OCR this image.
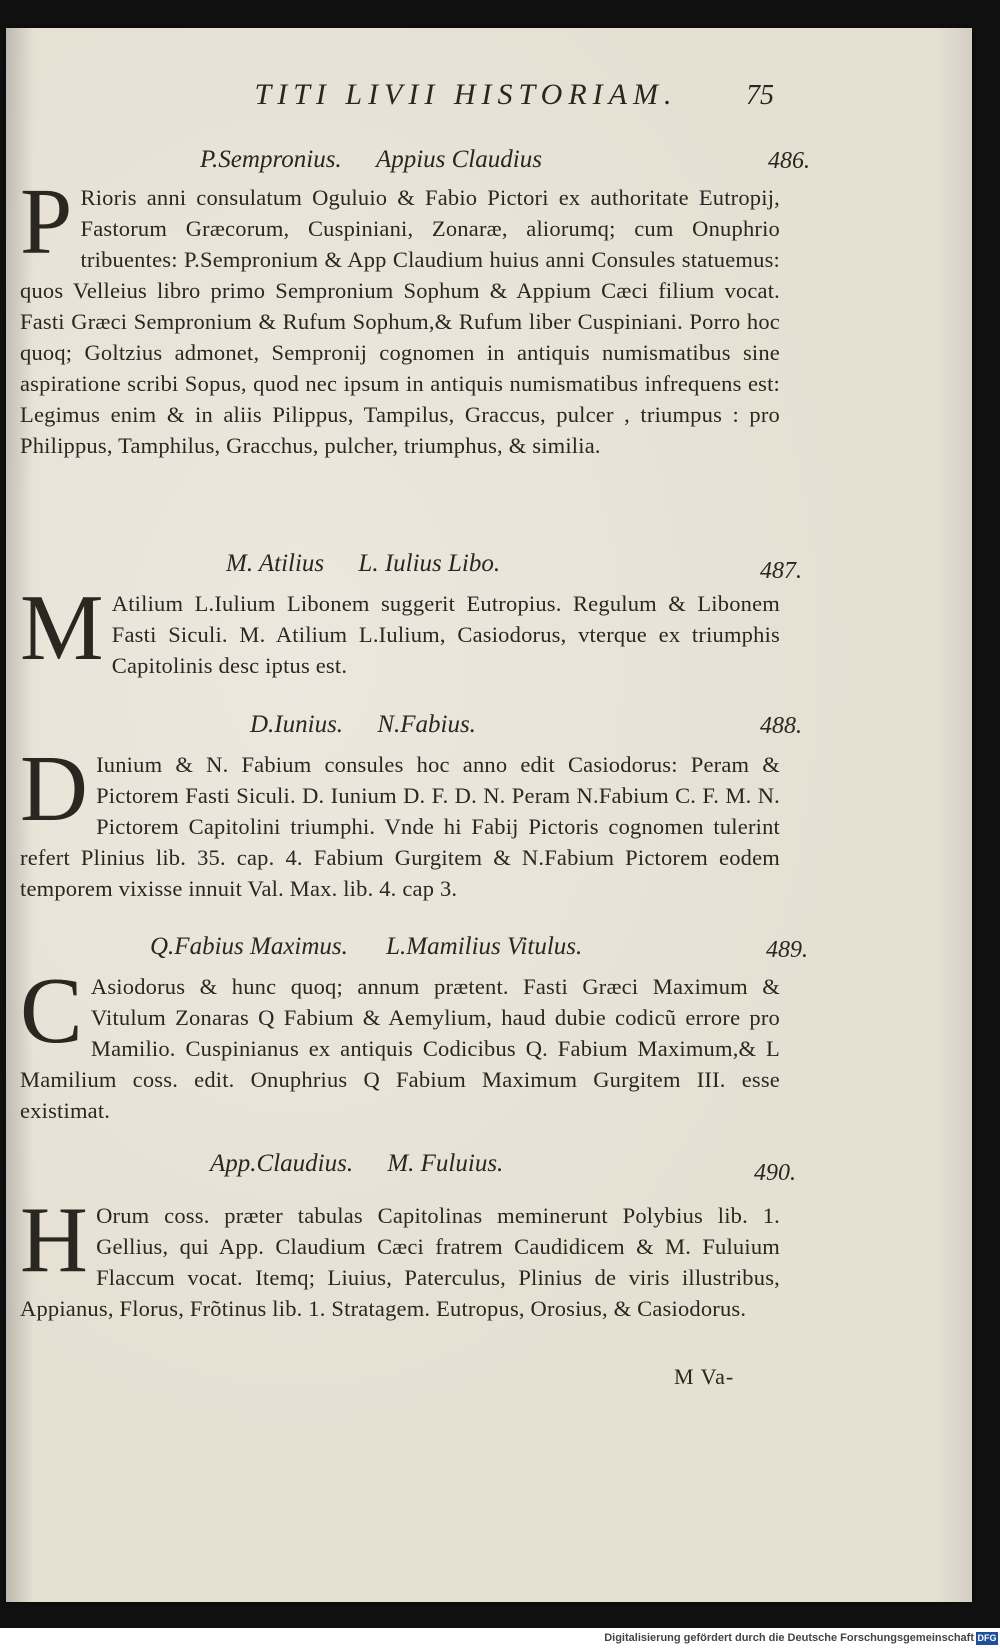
TITI LIVII HISTORIAM.	75
P.Sempronius. Appius Claudius	486.
P Rioris anni consulatum Oguluio & Fabio Pictori ex authoritate Eutropij, Fastorum Græcorum, Cuspiniani, Zonaræ, aliorumq; cum Onuphrio tribuentes: P.Sempronium & App Claudium huius anni Consules statuemus: quos Velleius libro primo Sempronium Sophum & Appium Cæci filium vocat. Fasti Græci Sempronium & Rufum Sophum,& Rufum liber Cuspiniani. Porro hoc quoq; Goltzius admonet, Sempronij cognomen in antiquis numismatibus sine aspiratione scribi Sopus, quod nec ipsum in antiquis numismatibus infrequens est: Legimus enim & in aliis Pilippus, Tampilus, Graccus, pulcer , triumpus : pro Philippus, Tamphilus, Gracchus, pulcher, triumphus, & similia.
M. Atilius L. Iulius Libo.	487.
M Atilium L.Iulium Libonem suggerit Eutropius. Regulum & Libonem Fasti Siculi. M. Atilium L.Iulium, Casiodorus, vterque ex triumphis Capitolinis desc iptus est.
D.Iunius. N.Fabius.	488.
D Iunium & N. Fabium consules hoc anno edit Casiodorus: Peram & Pictorem Fasti Siculi. D. Iunium D. F. D. N. Peram N.Fabium C. F. M. N. Pictorem Capitolini triumphi. Vnde hi Fabij Pictoris cognomen tulerint refert Plinius lib. 35. cap. 4. Fabium Gurgitem & N.Fabium Pictorem eodem temporem vixisse innuit Val. Max. lib. 4. cap 3.
Q.Fabius Maximus. L.Mamilius Vitulus.	489.
C Asiodorus & hunc quoq; annum prætent. Fasti Græci Maximum & Vitulum Zonaras Q Fabium & Aemylium, haud dubie codicũ errore pro Mamilio. Cuspinianus ex antiquis Codicibus Q. Fabium Maximum,& L Mamilium coss. edit. Onuphrius Q Fabium Maximum Gurgitem III. esse existimat.
App.Claudius. M. Fuluius.	490.
H Orum coss. præter tabulas Capitolinas meminerunt Polybius lib. 1. Gellius, qui App. Claudium Cæci fratrem Caudidicem & M. Fuluium Flaccum vocat. Itemq; Liuius, Paterculus, Plinius de viris illustribus, Appianus, Florus, Frõtinus lib. 1. Stratagem. Eutropus, Orosius, & Casiodorus.
M Va-
Digitalisierung gefördert durch die Deutsche Forschungsgemeinschaft DFG
